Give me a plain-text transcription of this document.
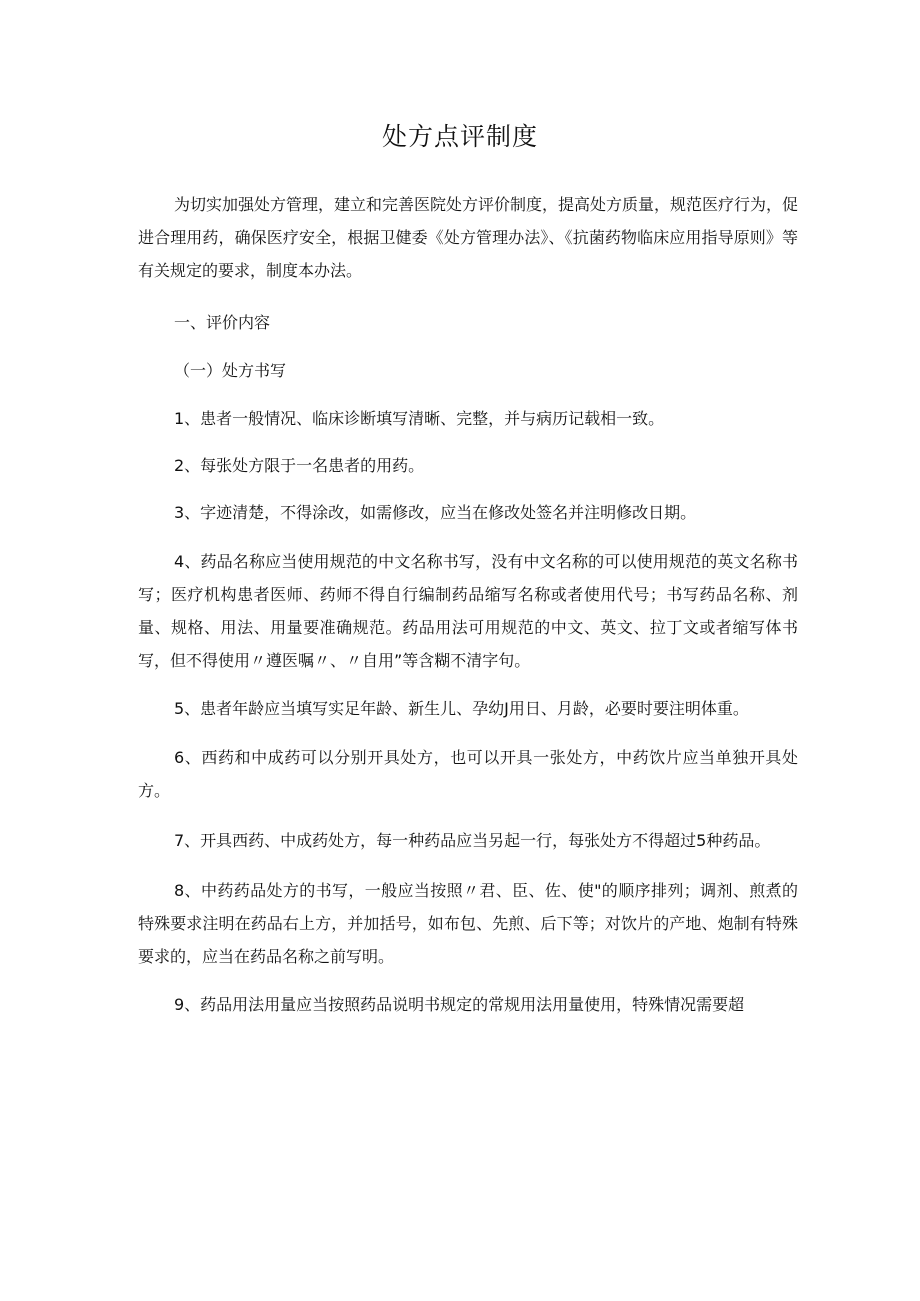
处方点评制度

为切实加强处方管理，建立和完善医院处方评价制度，提高处方质量，规范医疗行为，促进合理用药，确保医疗安全，根据卫健委《处方管理办法》、《抗菌药物临床应用指导原则》等有关规定的要求，制度本办法。

一、评价内容

（一）处方书写

1、患者一般情况、临床诊断填写清晰、完整，并与病历记载相一致。

2、每张处方限于一名患者的用药。

3、字迹清楚，不得涂改，如需修改，应当在修改处签名并注明修改日期。

4、药品名称应当使用规范的中文名称书写，没有中文名称的可以使用规范的英文名称书写；医疗机构患者医师、药师不得自行编制药品缩写名称或者使用代号；书写药品名称、剂量、规格、用法、用量要准确规范。药品用法可用规范的中文、英文、拉丁文或者缩写体书写，但不得使用〃遵医嘱〃、〃自用”等含糊不清字句。

5、患者年龄应当填写实足年龄、新生儿、孕幼J用日、月龄，必要时要注明体重。

6、西药和中成药可以分别开具处方，也可以开具一张处方，中药饮片应当单独开具处方。

7、开具西药、中成药处方，每一种药品应当另起一行，每张处方不得超过5种药品。

8、中药药品处方的书写，一般应当按照〃君、臣、佐、使"的顺序排列；调剂、煎煮的特殊要求注明在药品右上方，并加括号，如布包、先煎、后下等；对饮片的产地、炮制有特殊要求的，应当在药品名称之前写明。

9、药品用法用量应当按照药品说明书规定的常规用法用量使用，特殊情况需要超
